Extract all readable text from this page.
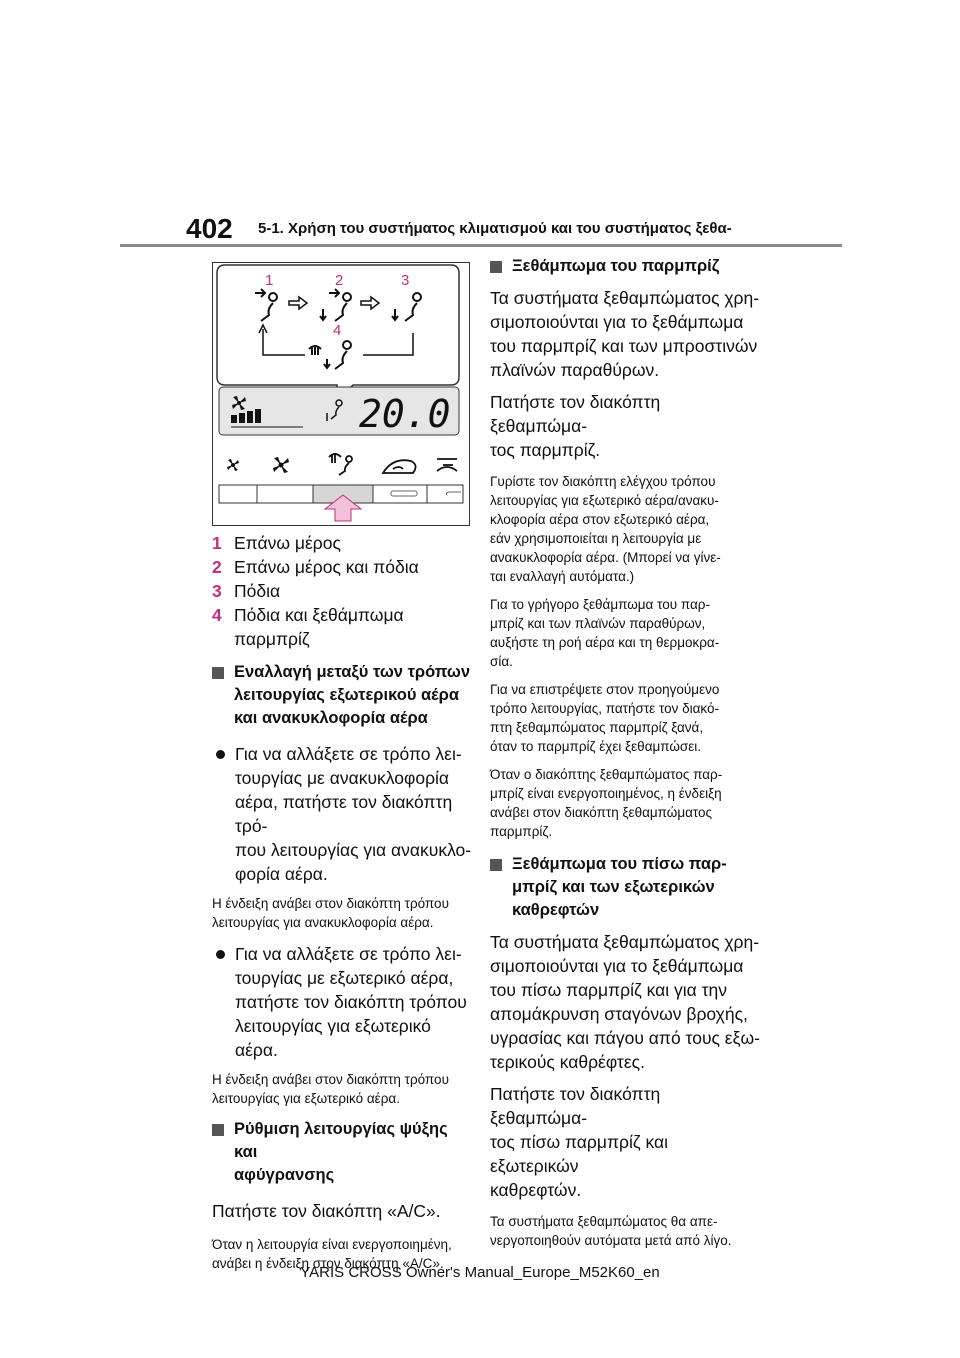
402 5-1. Χρήση του συστήματος κλιματισμού και του συστήματος ξεθα-
1	2	3
4
20.0
1 Επάνω μέρος
2 Επάνω μέρος και πόδια
3 Πόδια
4 Πόδια και ξεθάμπωμα παρμπρίζ
Εναλλαγή μεταξύ των τρόπων
λειτουργίας εξωτερικού αέρα
και ανακυκλοφορία αέρα
Για να αλλάξετε σε τρόπο λει-
τουργίας με ανακυκλοφορία
αέρα, πατήστε τον διακόπτη τρό-
που λειτουργίας για ανακυκλο-
φορία αέρα.

Η ένδειξη ανάβει στον διακόπτη τρόπου
λειτουργίας για ανακυκλοφορία αέρα.

Για να αλλάξετε σε τρόπο λει-
τουργίας με εξωτερικό αέρα,
πατήστε τον διακόπτη τρόπου
λειτουργίας για εξωτερικό αέρα.

Η ένδειξη ανάβει στον διακόπτη τρόπου
λειτουργίας για εξωτερικό αέρα.

Ρύθμιση λειτουργίας ψύξης και
αφύγρανσης

Πατήστε τον διακόπτη «A/C».

Όταν η λειτουργία είναι ενεργοποιημένη,
ανάβει η ένδειξη στον διακόπτη «A/C».

Ξεθάμπωμα του παρμπρίζ

Τα συστήματα ξεθαμπώματος χρη-
σιμοποιούνται για το ξεθάμπωμα
του παρμπρίζ και των μπροστινών
πλαϊνών παραθύρων.

Πατήστε τον διακόπτη ξεθαμπώμα-
τος παρμπρίζ.

Γυρίστε τον διακόπτη ελέγχου τρόπου
λειτουργίας για εξωτερικό αέρα/ανακυ-
κλοφορία αέρα στον εξωτερικό αέρα,
εάν χρησιμοποιείται η λειτουργία με
ανακυκλοφορία αέρα. (Μπορεί να γίνε-
ται εναλλαγή αυτόματα.)

Για το γρήγορο ξεθάμπωμα του παρ-
μπρίζ και των πλαϊνών παραθύρων,
αυξήστε τη ροή αέρα και τη θερμοκρα-
σία.

Για να επιστρέψετε στον προηγούμενο
τρόπο λειτουργίας, πατήστε τον διακό-
πτη ξεθαμπώματος παρμπρίζ ξανά,
όταν το παρμπρίζ έχει ξεθαμπώσει.

Όταν ο διακόπτης ξεθαμπώματος παρ-
μπρίζ είναι ενεργοποιημένος, η ένδειξη
ανάβει στον διακόπτη ξεθαμπώματος
παρμπρίζ.

Ξεθάμπωμα του πίσω παρ-
μπρίζ και των εξωτερικών
καθρεφτών

Τα συστήματα ξεθαμπώματος χρη-
σιμοποιούνται για το ξεθάμπωμα
του πίσω παρμπρίζ και για την
απομάκρυνση σταγόνων βροχής,
υγρασίας και πάγου από τους εξω-
τερικούς καθρέφτες.

Πατήστε τον διακόπτη ξεθαμπώμα-
τος πίσω παρμπρίζ και εξωτερικών
καθρεφτών.

Τα συστήματα ξεθαμπώματος θα απε-
νεργοποιηθούν αυτόματα μετά από λίγο.

YARIS CROSS Owner's Manual_Europe_M52K60_en
